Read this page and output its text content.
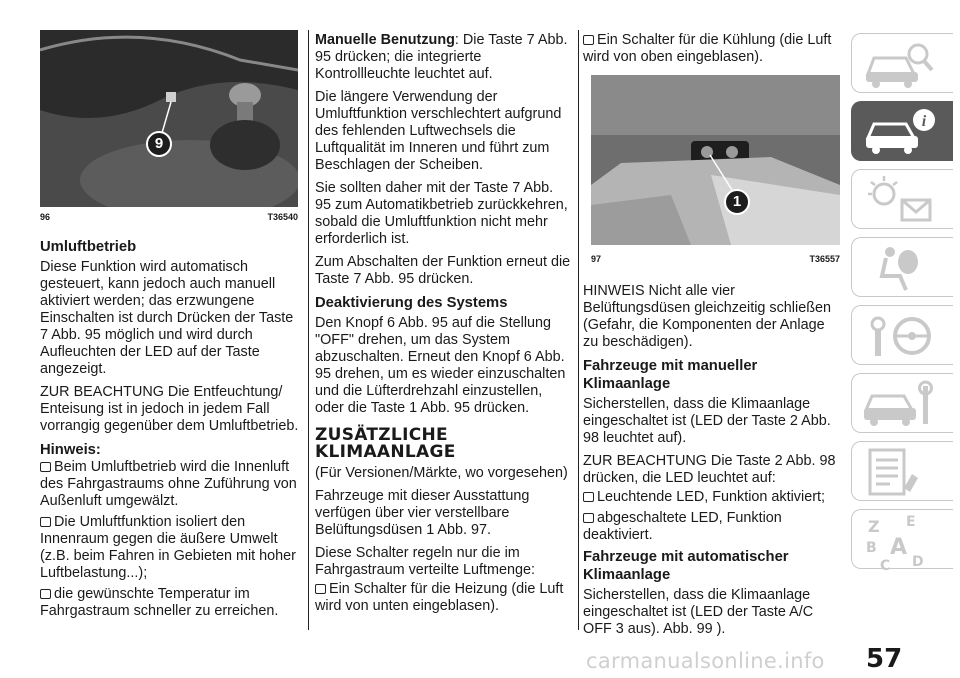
9
96	T36540
1
97	T36557
Umluftbetrieb

Diese Funktion wird automatisch gesteuert, kann jedoch auch manuell aktiviert werden; das erzwungene Einschalten ist durch Drücken der Taste 7 Abb. 95 möglich und wird durch Aufleuchten der LED auf der Taste angezeigt.

ZUR BEACHTUNG Die Entfeuchtung/ Enteisung ist in jedoch in jedem Fall vorrangig gegenüber dem Umluftbetrieb.

Hinweis:
Beim Umluftbetrieb wird die Innenluft des Fahrgastraums ohne Zuführung von Außenluft umgewälzt.
Die Umluftfunktion isoliert den Innenraum gegen die äußere Umwelt (z.B. beim Fahren in Gebieten mit hoher Luftbelastung...);
die gewünschte Temperatur im Fahrgastraum schneller zu erreichen.

Manuelle Benutzung: Die Taste 7 Abb. 95 drücken; die integrierte Kontrollleuchte leuchtet auf.

Die längere Verwendung der Umluftfunktion verschlechtert aufgrund des fehlenden Luftwechsels die Luftqualität im Inneren und führt zum Beschlagen der Scheiben.

Sie sollten daher mit der Taste 7 Abb. 95 zum Automatikbetrieb zurückkehren, sobald die Umluftfunktion nicht mehr erforderlich ist.

Zum Abschalten der Funktion erneut die Taste 7 Abb. 95 drücken.

Deaktivierung des Systems

Den Knopf 6 Abb. 95 auf die Stellung "OFF" drehen, um das System abzuschalten. Erneut den Knopf 6 Abb. 95 drehen, um es wieder einzuschalten und die Lüfterdrehzahl einzustellen, oder die Taste 1 Abb. 95 drücken.

ZUSÄTZLICHE KLIMAANLAGE

(Für Versionen/Märkte, wo vorgesehen)

Fahrzeuge mit dieser Ausstattung verfügen über vier verstellbare Belüftungsdüsen 1 Abb. 97.

Diese Schalter regeln nur die im Fahrgastraum verteilte Luftmenge:

Ein Schalter für die Heizung (die Luft wird von unten eingeblasen).
Ein Schalter für die Kühlung (die Luft wird von oben eingeblasen).

HINWEIS Nicht alle vier Belüftungsdüsen gleichzeitig schließen (Gefahr, die Komponenten der Anlage zu beschädigen).

Fahrzeuge mit manueller Klimaanlage

Sicherstellen, dass die Klimaanlage eingeschaltet ist (LED der Taste 2 Abb. 98 leuchtet auf).

ZUR BEACHTUNG Die Taste 2 Abb. 98 drücken, die LED leuchtet auf:

Leuchtende LED, Funktion aktiviert;
abgeschaltete LED, Funktion deaktiviert.
Fahrzeuge mit automatischer Klimaanlage

Sicherstellen, dass die Klimaanlage eingeschaltet ist (LED der Taste A/C OFF 3 aus). Abb. 99 ).

i
Z E
B A
C D
57
carmanualsonline.info
